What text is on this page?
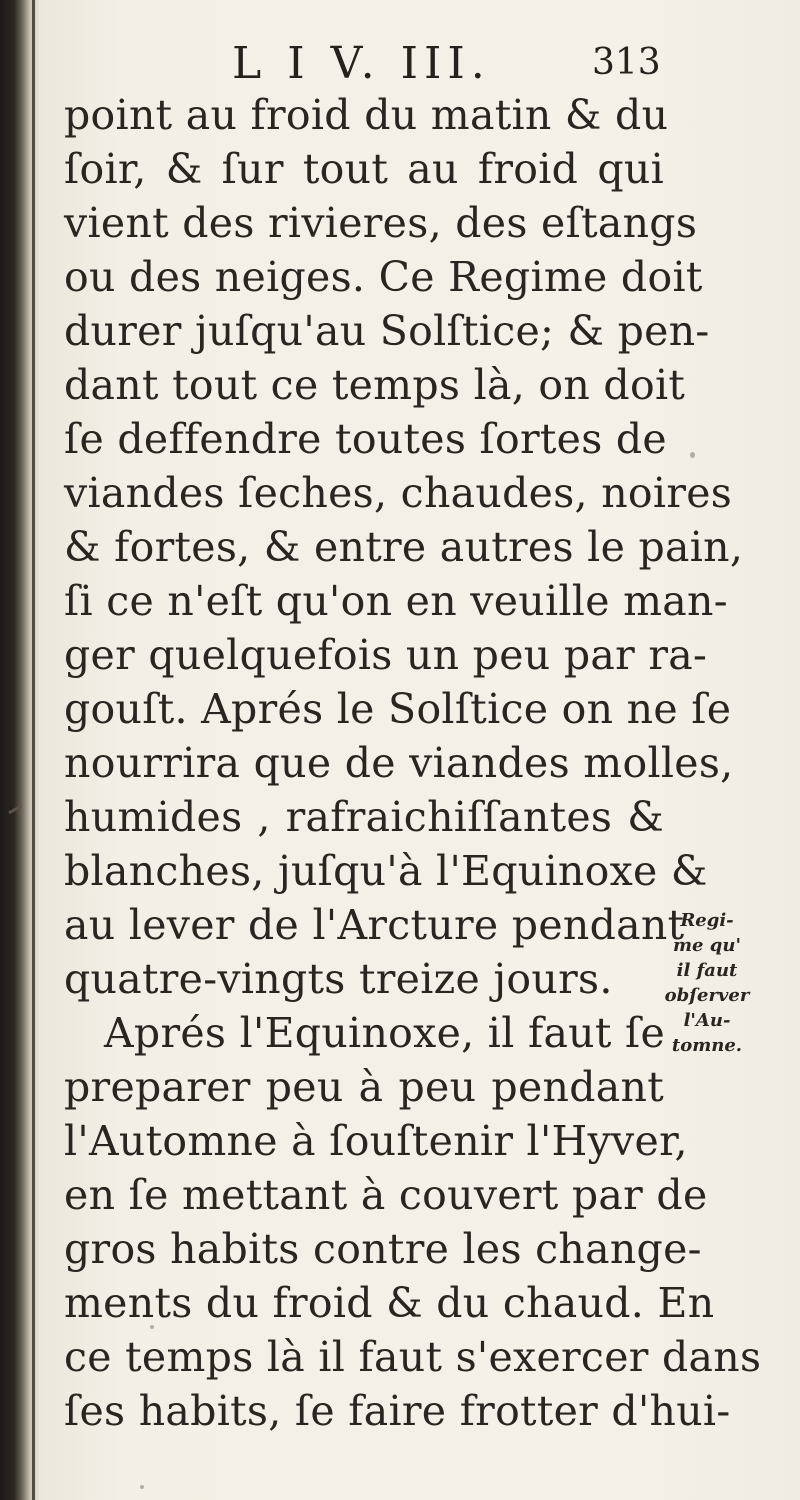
L I V. III.	313
point au froid du matin & du
ſoir, & ſur tout au froid qui
vient des rivieres, des eſtangs
ou des neiges. Ce Regime doit
durer juſqu'au Solſtice; & pen-
dant tout ce temps là, on doit
ſe deffendre toutes ſortes de
viandes ſeches, chaudes, noires
& fortes, & entre autres le pain,
ſi ce n'eſt qu'on en veuille man-
ger quelquefois un peu par ra-
gouſt. Aprés le Solſtice on ne ſe
nourrira que de viandes molles,
humides , rafraichiſſantes &
blanches, juſqu'à l'Equinoxe &
au lever de l'Arcture pendant
quatre-vingts treize jours.
Aprés l'Equinoxe, il faut ſe
preparer peu à peu pendant
l'Automne à ſouſtenir l'Hyver,
en ſe mettant à couvert par de
gros habits contre les change-
ments du froid & du chaud. En
ce temps là il faut s'exercer dans
ſes habits, ſe faire frotter d'hui-
Regi-
me qu'
il faut
obſerver
l'Au-
tomne.
